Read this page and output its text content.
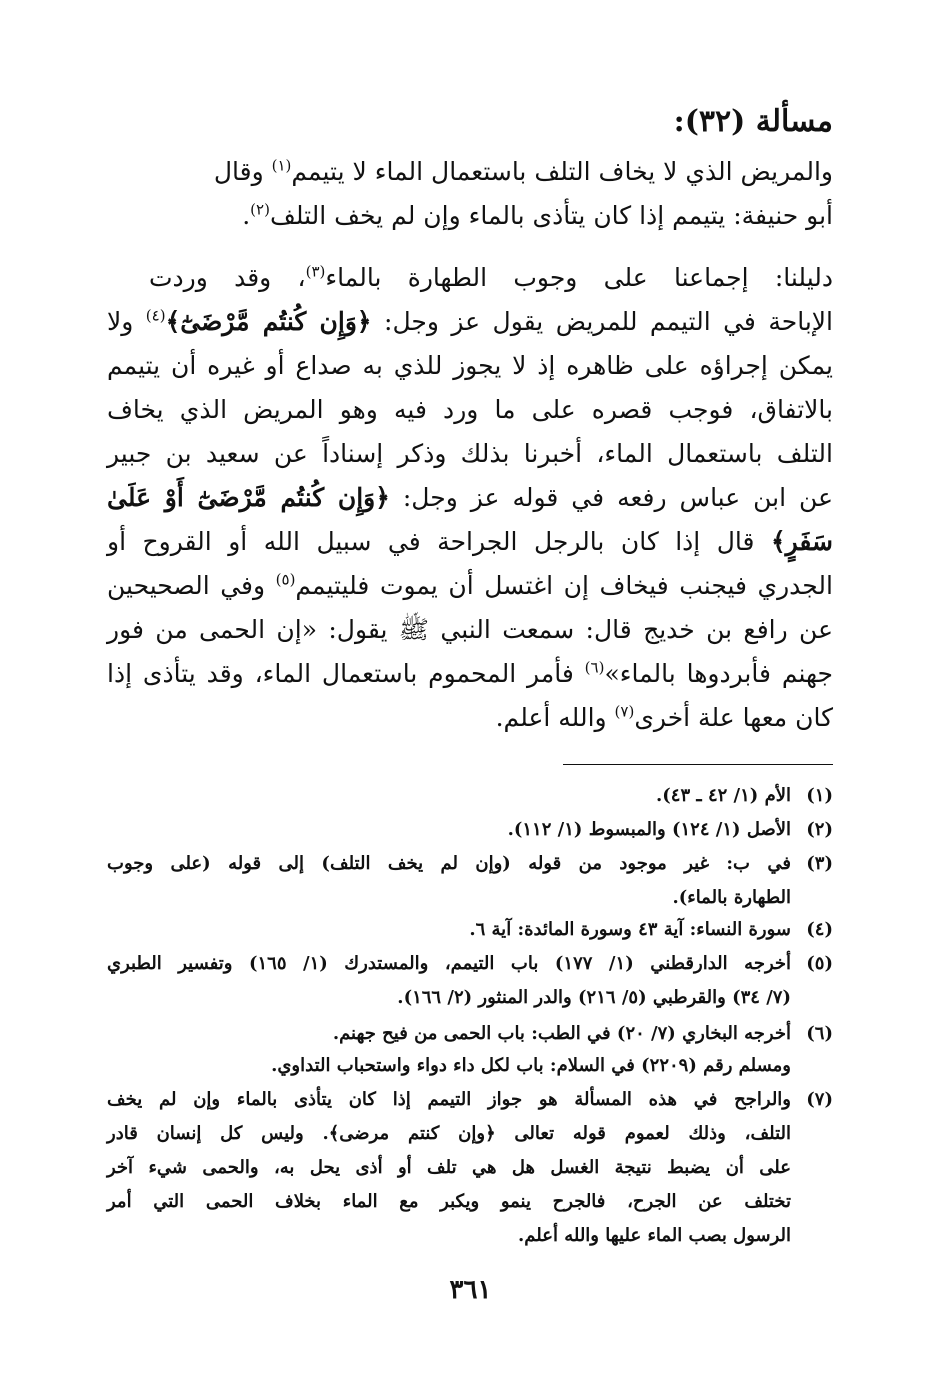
مسألة (٣٢):
والمريض الذي لا يخاف التلف باستعمال الماء لا يتيمم$^{(١)}$ وقال
أبو حنيفة: يتيمم إذا كان يتأذى بالماء وإن لم يخف التلف$^{(٢)}$.
دليلنا: إجماعنا على وجوب الطهارة بالماء$^{(٣)}$، وقد وردت
الإباحة في التيمم للمريض يقول عز وجل: ﴿وَإِن كُنتُم مَّرْضَىٰٓ﴾$^{(٤)}$ ولا
يمكن إجراؤه على ظاهره إذ لا يجوز للذي به صداع أو غيره أن يتيمم
بالاتفاق، فوجب قصره على ما ورد فيه وهو المريض الذي يخاف
التلف باستعمال الماء، أخبرنا بذلك وذكر إسناداً عن سعيد بن جبير
عن ابن عباس رفعه في قوله عز وجل: ﴿وَإِن كُنتُم مَّرْضَىٰٓ أَوْ عَلَىٰ
سَفَرٍ﴾ قال إذا كان بالرجل الجراحة في سبيل الله أو القروح أو
الجدري فيجنب فيخاف إن اغتسل أن يموت فليتيمم$^{(٥)}$ وفي الصحيحين
عن رافع بن خديج قال: سمعت النبي ﷺ يقول: «إن الحمى من فور
جهنم فأبردوها بالماء»$^{(٦)}$ فأمر المحموم باستعمال الماء، وقد يتأذى إذا
كان معها علة أخرى$^{(٧)}$ والله أعلم.
(١)
الأم (١/ ٤٢ ـ ٤٣).
(٢)
الأصل (١/ ١٢٤) والمبسوط (١/ ١١٢).
(٣)
في ب: غير موجود من قوله (وإن لم يخف التلف) إلى قوله (على وجوب
الطهارة بالماء).
(٤)
سورة النساء: آية ٤٣ وسورة المائدة: آية ٦.
(٥)
أخرجه الدارقطني (١/ ١٧٧) باب التيمم، والمستدرك (١/ ١٦٥) وتفسير الطبري
(٧/ ٣٤) والقرطبي (٥/ ٢١٦) والدر المنثور (٢/ ١٦٦).
(٦)
أخرجه البخاري (٧/ ٢٠) في الطب: باب الحمى من فيح جهنم.
ومسلم رقم (٢٢٠٩) في السلام: باب لكل داء دواء واستحباب التداوي.
(٧)
والراجح في هذه المسألة هو جواز التيمم إذا كان يتأذى بالماء وإن لم يخف
التلف، وذلك لعموم قوله تعالى ﴿وإن كنتم مرضى﴾. وليس كل إنسان قادر
على أن يضبط نتيجة الغسل هل هي تلف أو أذى يحل به، والحمى شيء آخر
تختلف عن الجرح، فالجرح ينمو ويكبر مع الماء بخلاف الحمى التي أمر
الرسول بصب الماء عليها والله أعلم.
٣٦١
